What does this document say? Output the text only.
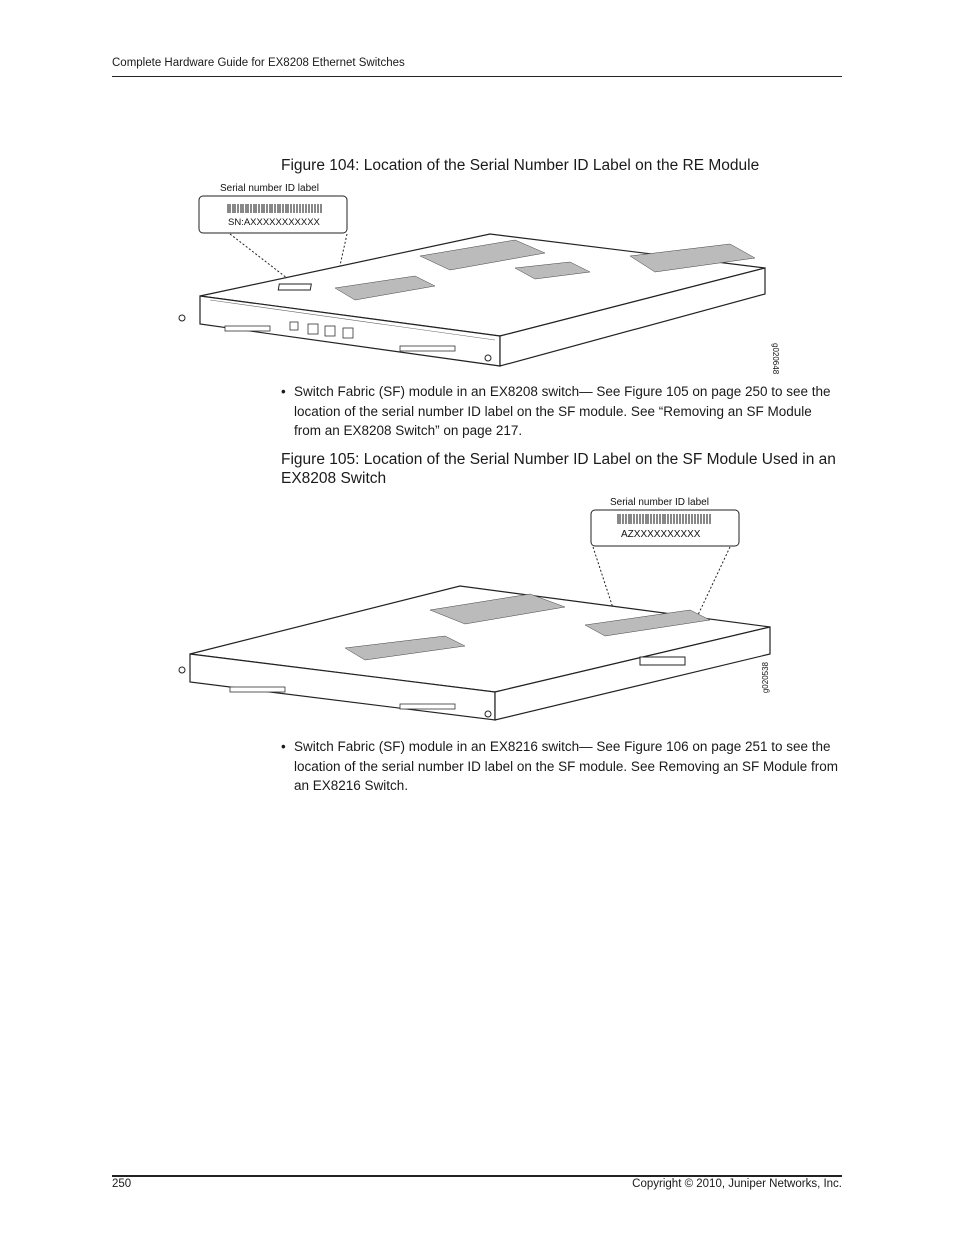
Complete Hardware Guide for EX8208 Ethernet Switches
Figure 104: Location of the Serial Number ID Label on the RE Module
Serial number ID label
SN:AXXXXXXXXXXX
g020648
• Switch Fabric (SF) module in an EX8208 switch— See Figure 105 on page 250 to see the location of the serial number ID label on the SF module. See “Removing an SF Module from an EX8208 Switch” on page 217.
Figure 105: Location of the Serial Number ID Label on the SF Module Used in an EX8208 Switch
Serial number ID label
AZXXXXXXXXXX
g020538
• Switch Fabric (SF) module in an EX8216 switch— See Figure 106 on page 251 to see the location of the serial number ID label on the SF module. See Removing an SF Module from an EX8216 Switch.
250	Copyright © 2010, Juniper Networks, Inc.
